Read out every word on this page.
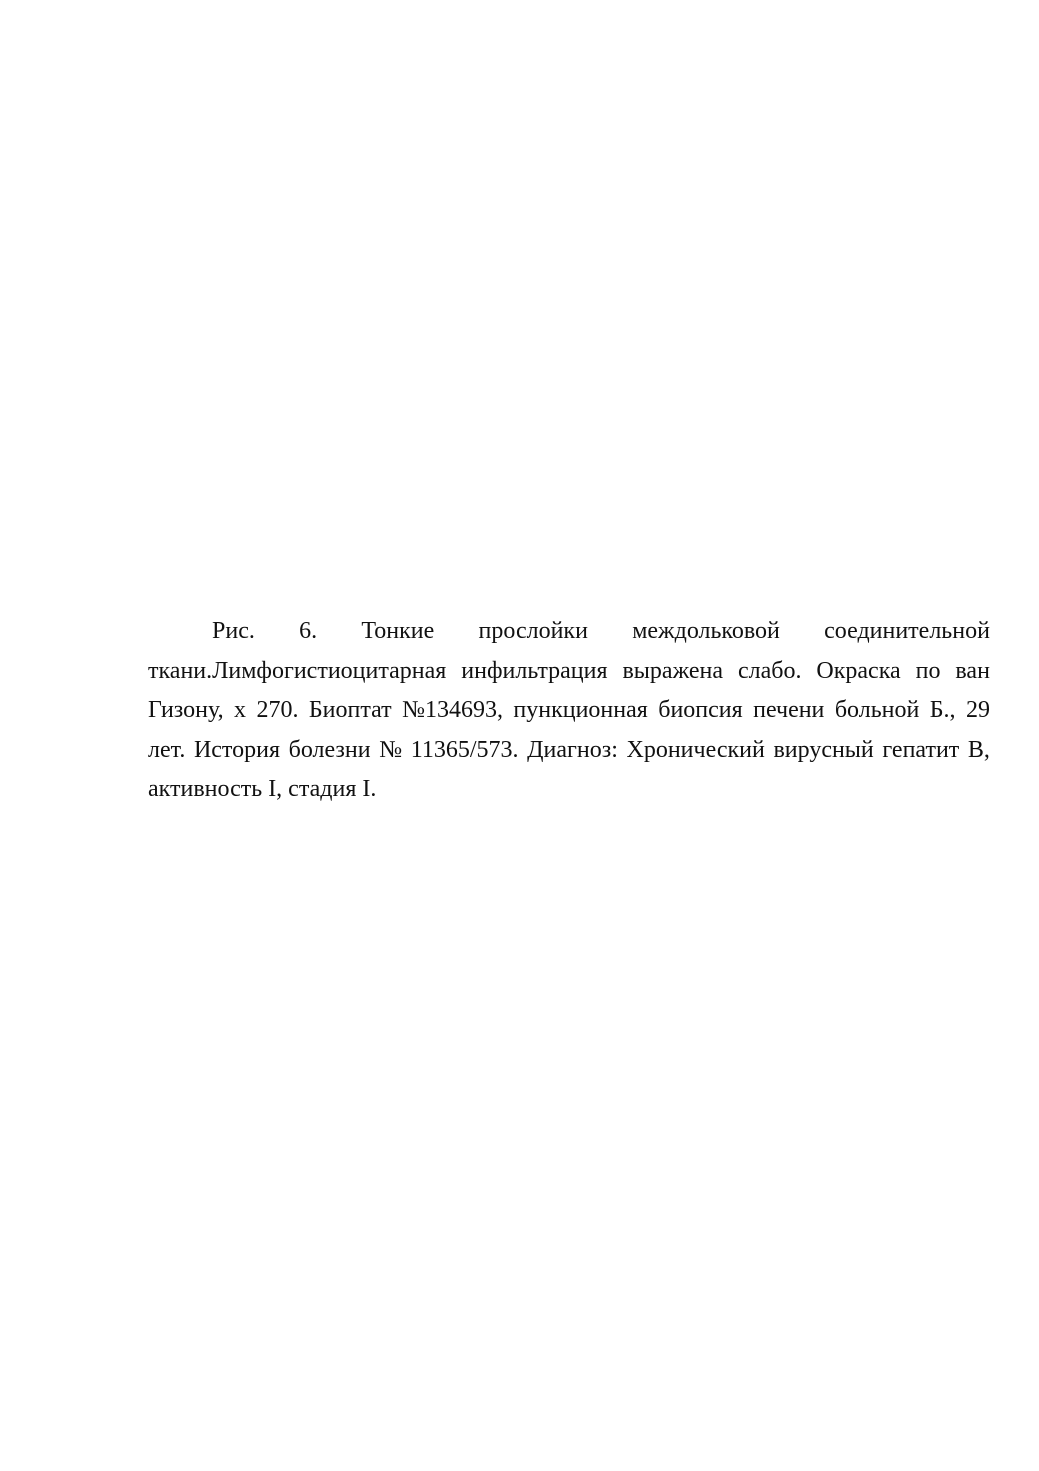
Рис. 6. Тонкие прослойки междольковой соединительной
ткани.Лимфогистиоцитарная инфильтрация выражена слабо. Окраска по ван
Гизону, х 270. Биоптат №134693, пункционная биопсия печени больной Б., 29
лет. История болезни № 11365/573. Диагноз: Хронический вирусный гепатит В,
активность I, стадия I.
